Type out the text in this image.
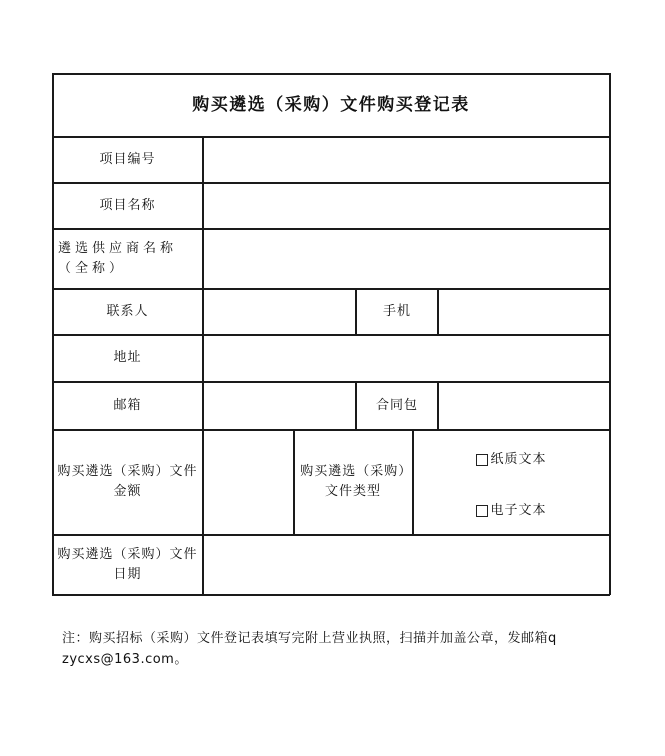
购买遴选（采购）文件购买登记表
项目编号
项目名称
遴选供应商名称（全称）
联系人	手机
地址
邮箱	合同包
购买遴选（采购）文件金额
购买遴选（采购）文件类型
纸质文本
电子文本
购买遴选（采购）文件日期
注：购买招标（采购）文件登记表填写完附上营业执照，扫描并加盖公章，发邮箱q
zycxs@163.com。
